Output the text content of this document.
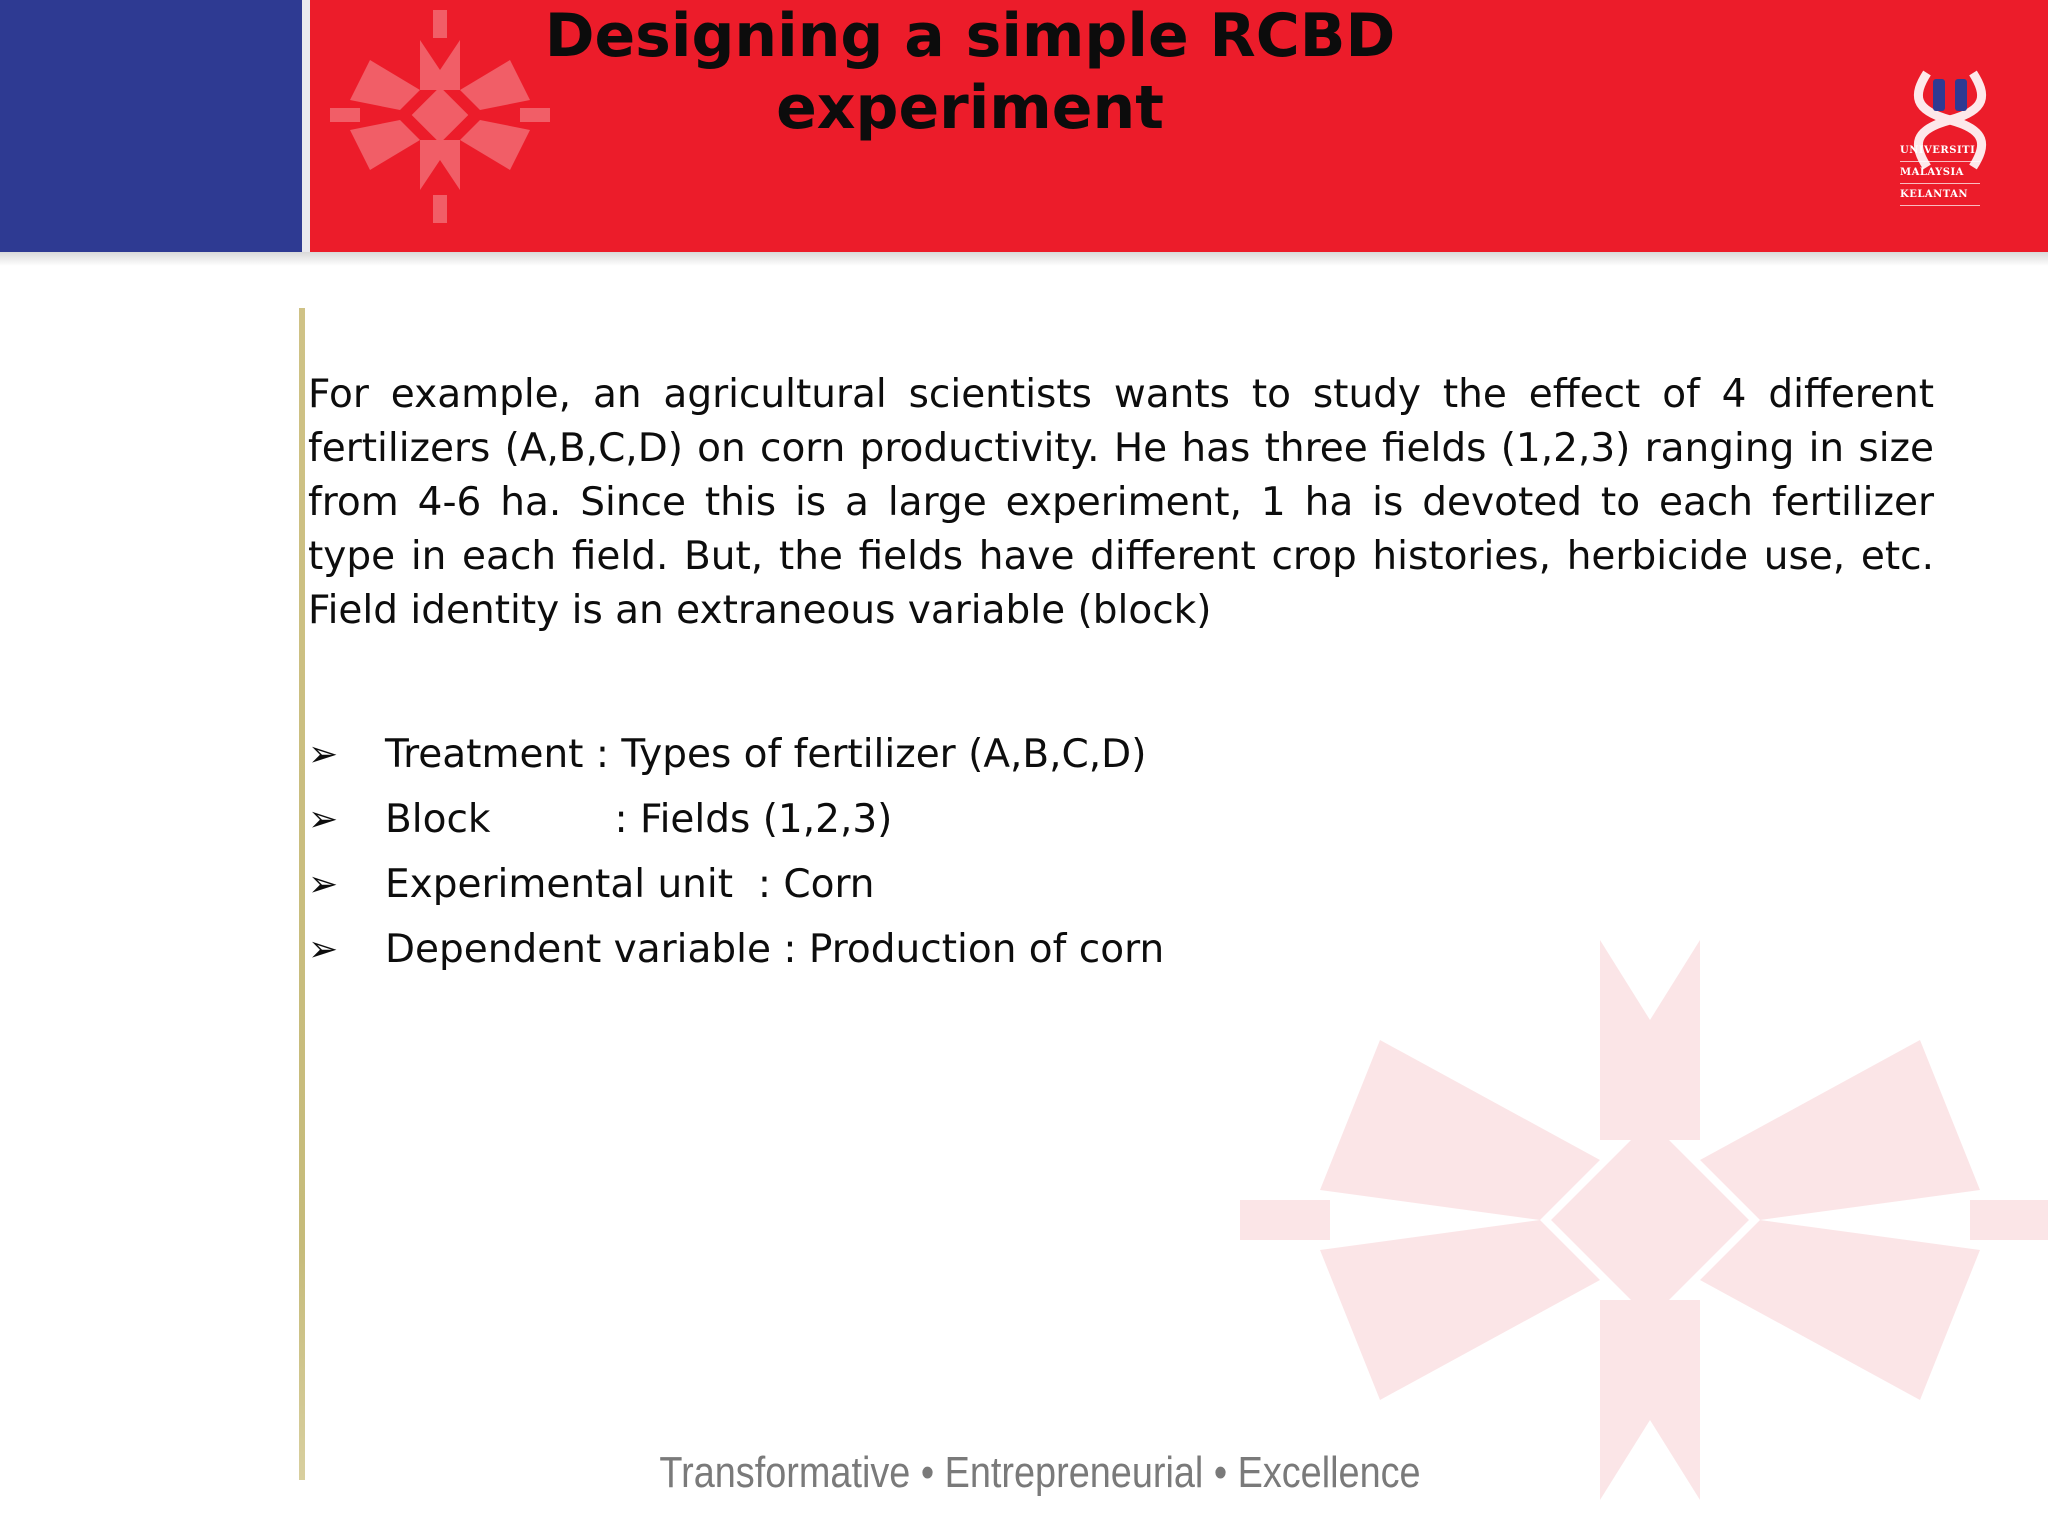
Designing a simple RCBD experiment
UNIVERSITI
MALAYSIA
KELANTAN

For example, an agricultural scientists wants to study the effect of 4 different fertilizers (A,B,C,D) on corn productivity. He has three fields (1,2,3) ranging in size from 4-6 ha. Since this is a large experiment, 1 ha is devoted to each fertilizer type in each field. But, the fields have different crop histories, herbicide use, etc. Field identity is an extraneous variable (block)

➢	Treatment : Types of fertilizer (A,B,C,D)
➢	Block          : Fields (1,2,3)
➢	Experimental unit  : Corn
➢	Dependent variable : Production of corn

Transformative • Entrepreneurial • Excellence
